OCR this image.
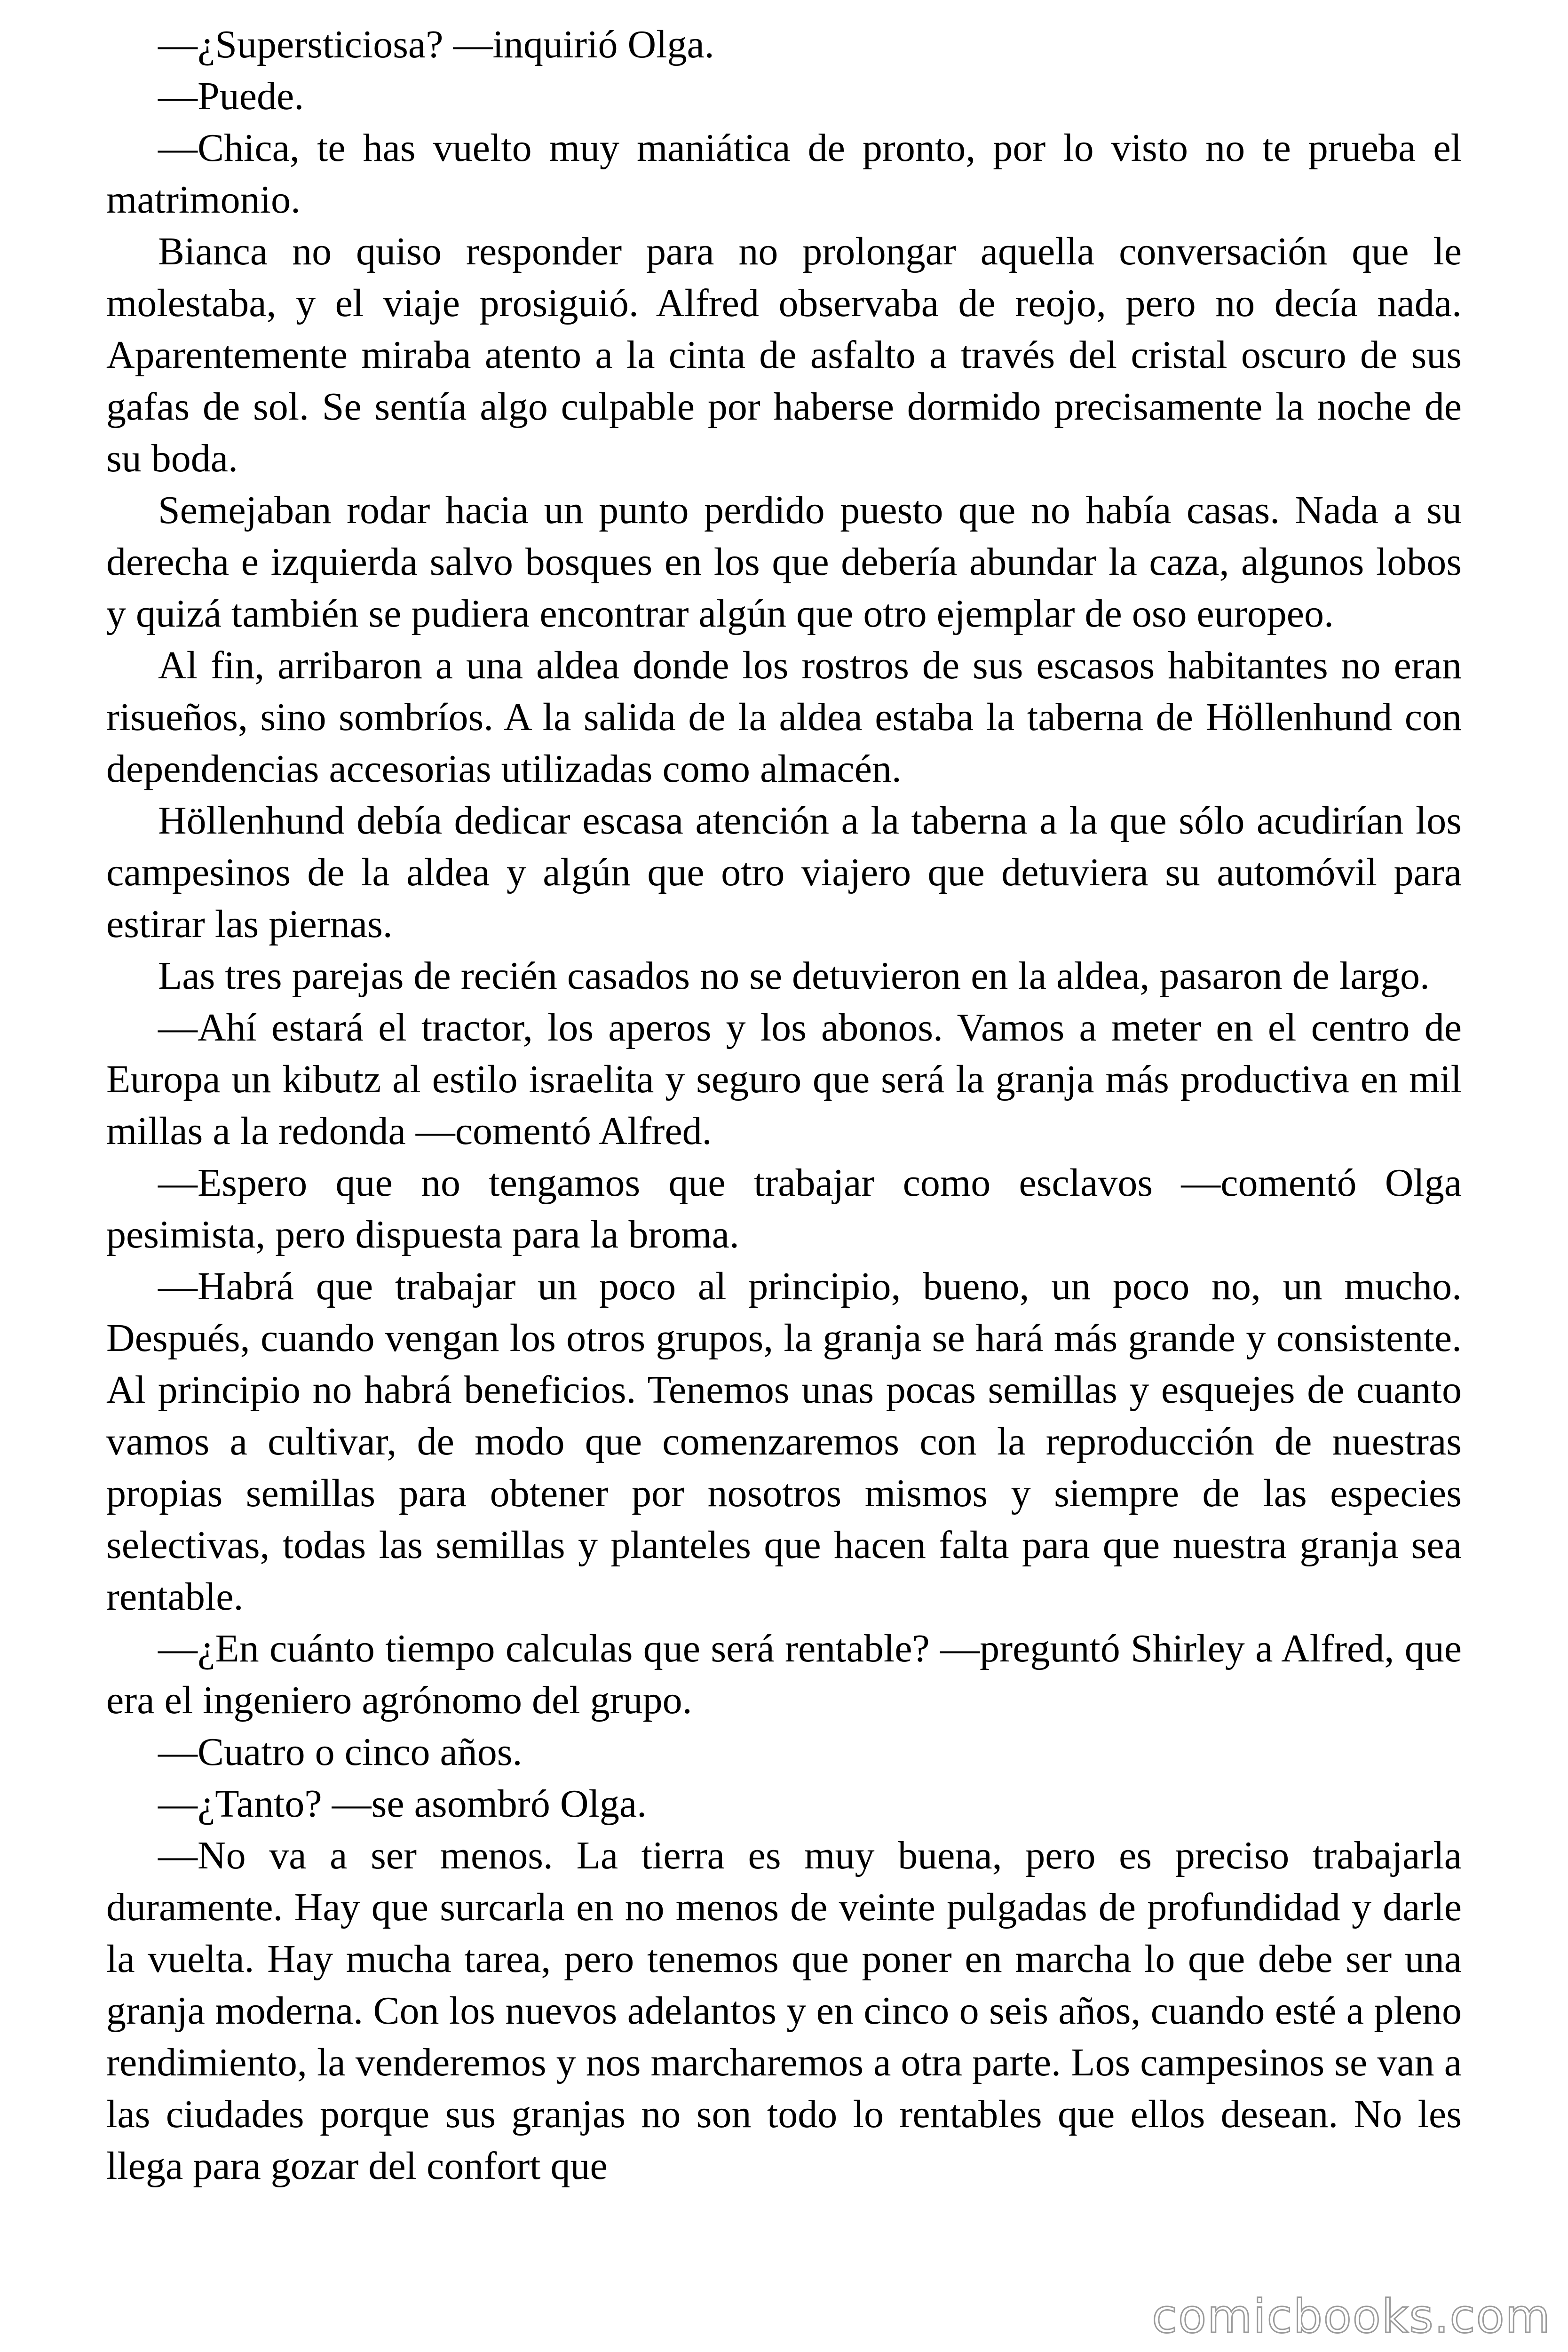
—¿Supersticiosa? —inquirió Olga.

—Puede.

—Chica, te has vuelto muy maniática de pronto, por lo visto no te prueba el matrimonio.

Bianca no quiso responder para no prolongar aquella conversación que le molestaba, y el viaje prosiguió. Alfred observaba de reojo, pero no decía nada. Aparentemente miraba atento a la cinta de asfalto a través del cristal oscuro de sus gafas de sol. Se sentía algo culpable por haberse dormido precisamente la noche de su boda.

Semejaban rodar hacia un punto perdido puesto que no había casas. Nada a su derecha e izquierda salvo bosques en los que debería abundar la caza, algunos lobos y quizá también se pudiera encontrar algún que otro ejemplar de oso europeo.

Al fin, arribaron a una aldea donde los rostros de sus escasos habitantes no eran risueños, sino sombríos. A la salida de la aldea estaba la taberna de Höllenhund con dependencias accesorias utilizadas como almacén.

Höllenhund debía dedicar escasa atención a la taberna a la que sólo acudirían los campesinos de la aldea y algún que otro viajero que detuviera su automóvil para estirar las piernas.

Las tres parejas de recién casados no se detuvieron en la aldea, pasaron de largo.

—Ahí estará el tractor, los aperos y los abonos. Vamos a meter en el centro de Europa un kibutz al estilo israelita y seguro que será la granja más productiva en mil millas a la redonda —comentó Alfred.

—Espero que no tengamos que trabajar como esclavos —comentó Olga pesimista, pero dispuesta para la broma.

—Habrá que trabajar un poco al principio, bueno, un poco no, un mucho. Después, cuando vengan los otros grupos, la granja se hará más grande y consistente. Al principio no habrá beneficios. Tenemos unas pocas semillas y esquejes de cuanto vamos a cultivar, de modo que comenzaremos con la reproducción de nuestras propias semillas para obtener por nosotros mismos y siempre de las especies selectivas, todas las semillas y planteles que hacen falta para que nuestra granja sea rentable.

—¿En cuánto tiempo calculas que será rentable? —preguntó Shirley a Alfred, que era el ingeniero agrónomo del grupo.

—Cuatro o cinco años.

—¿Tanto? —se asombró Olga.

—No va a ser menos. La tierra es muy buena, pero es preciso trabajarla duramente. Hay que surcarla en no menos de veinte pulgadas de profundidad y darle la vuelta. Hay mucha tarea, pero tenemos que poner en marcha lo que debe ser una granja moderna. Con los nuevos adelantos y en cinco o seis años, cuando esté a pleno rendimiento, la venderemos y nos marcharemos a otra parte. Los campesinos se van a las ciudades porque sus granjas no son todo lo rentables que ellos desean. No les llega para gozar del confort que

comicbooks.com
